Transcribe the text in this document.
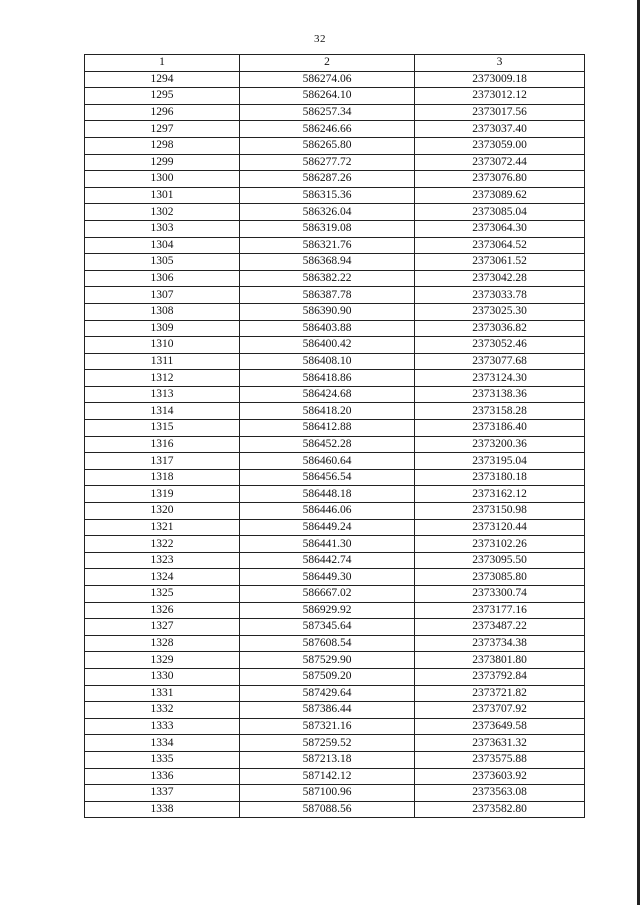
32
1	2	3
1294	586274.06	2373009.18
1295	586264.10	2373012.12
1296	586257.34	2373017.56
1297	586246.66	2373037.40
1298	586265.80	2373059.00
1299	586277.72	2373072.44
1300	586287.26	2373076.80
1301	586315.36	2373089.62
1302	586326.04	2373085.04
1303	586319.08	2373064.30
1304	586321.76	2373064.52
1305	586368.94	2373061.52
1306	586382.22	2373042.28
1307	586387.78	2373033.78
1308	586390.90	2373025.30
1309	586403.88	2373036.82
1310	586400.42	2373052.46
1311	586408.10	2373077.68
1312	586418.86	2373124.30
1313	586424.68	2373138.36
1314	586418.20	2373158.28
1315	586412.88	2373186.40
1316	586452.28	2373200.36
1317	586460.64	2373195.04
1318	586456.54	2373180.18
1319	586448.18	2373162.12
1320	586446.06	2373150.98
1321	586449.24	2373120.44
1322	586441.30	2373102.26
1323	586442.74	2373095.50
1324	586449.30	2373085.80
1325	586667.02	2373300.74
1326	586929.92	2373177.16
1327	587345.64	2373487.22
1328	587608.54	2373734.38
1329	587529.90	2373801.80
1330	587509.20	2373792.84
1331	587429.64	2373721.82
1332	587386.44	2373707.92
1333	587321.16	2373649.58
1334	587259.52	2373631.32
1335	587213.18	2373575.88
1336	587142.12	2373603.92
1337	587100.96	2373563.08
1338	587088.56	2373582.80
